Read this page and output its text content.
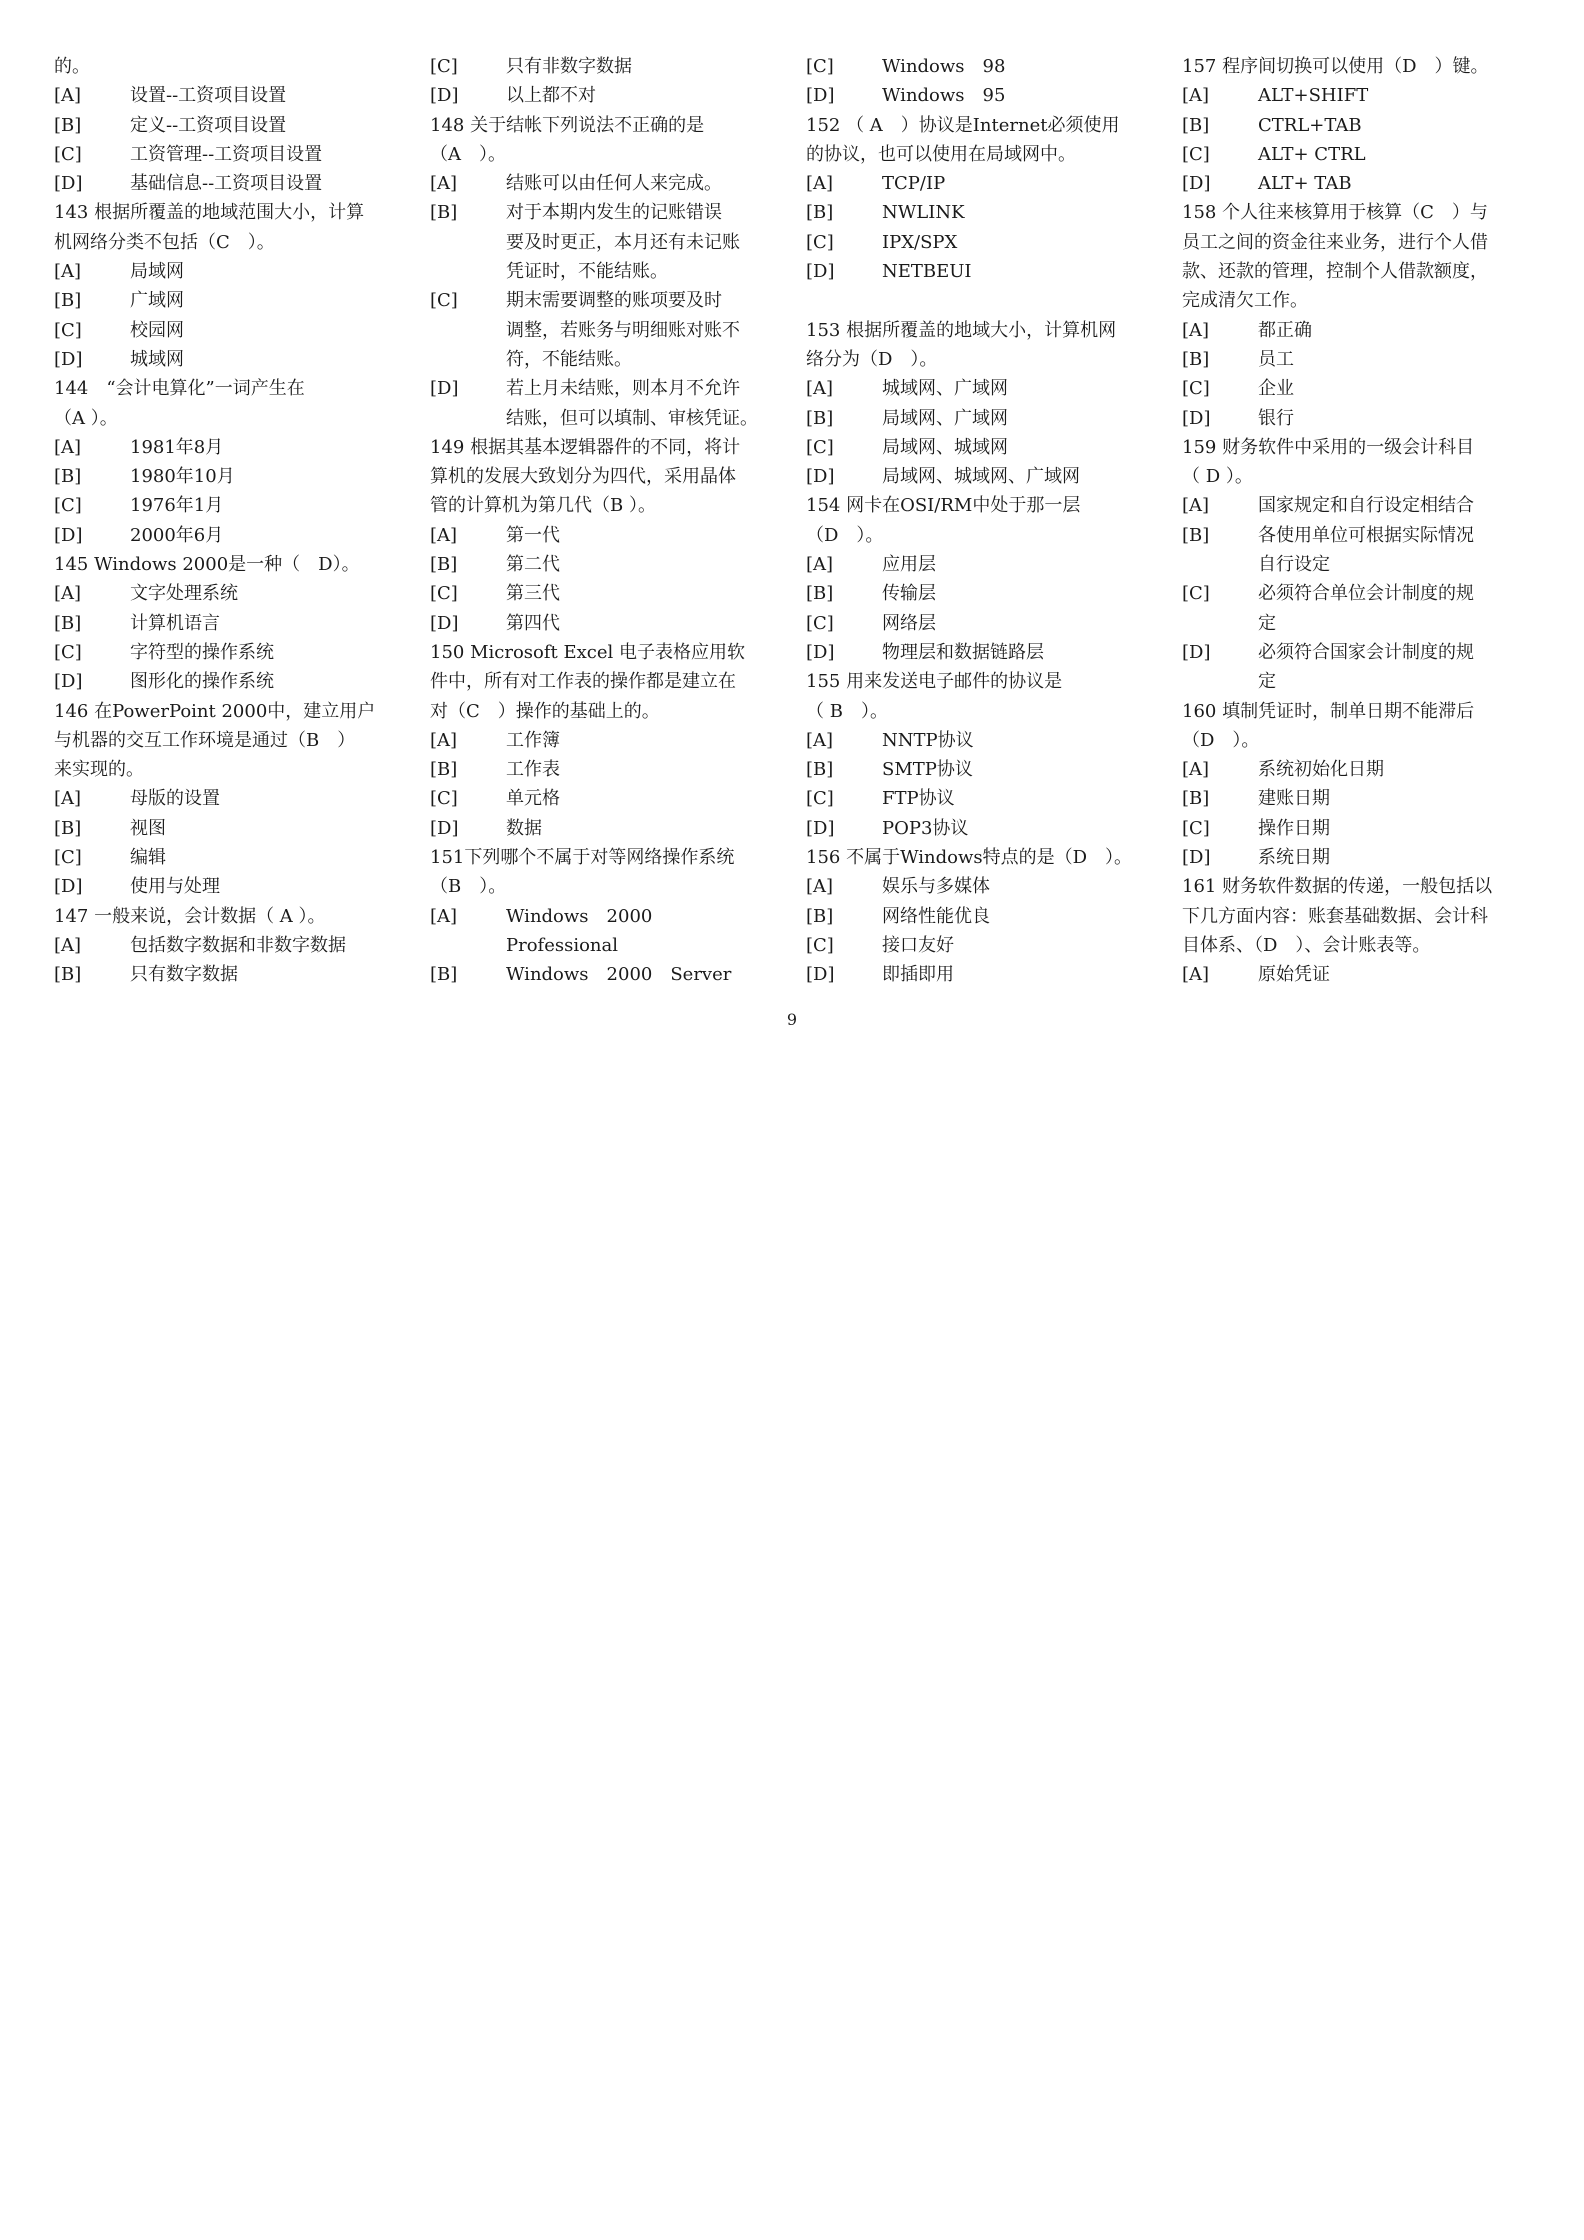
的。
[A]	设置--工资项目设置
[B]	定义--工资项目设置
[C]	工资管理--工资项目设置
[D]	基础信息--工资项目设置
143 根据所覆盖的地域范围大小，计算
机网络分类不包括（C　）。
[A]	局域网
[B]	广域网
[C]	校园网
[D]	城域网
144　“会计电算化”一词产生在
（A ）。
[A]	1981年8月
[B]	1980年10月
[C]	1976年1月
[D]	2000年6月
145 Windows 2000是一种（　D）。
[A]	文字处理系统
[B]	计算机语言
[C]	字符型的操作系统
[D]	图形化的操作系统
146 在PowerPoint 2000中，建立用户
与机器的交互工作环境是通过（B　）
来实现的。
[A]	母版的设置
[B]	视图
[C]	编辑
[D]	使用与处理
147 一般来说，会计数据（ A ）。
[A]	包括数字数据和非数字数据
[B]	只有数字数据
[C]	只有非数字数据
[D]	以上都不对
148 关于结帐下列说法不正确的是
（A　）。
[A]	结账可以由任何人来完成。
[B]	对于本期内发生的记账错误
要及时更正，本月还有未记账
凭证时，不能结账。
[C]	期末需要调整的账项要及时
调整，若账务与明细账对账不
符，不能结账。
[D]	若上月未结账，则本月不允许
结账，但可以填制、审核凭证。
149 根据其基本逻辑器件的不同，将计
算机的发展大致划分为四代，采用晶体
管的计算机为第几代（B ）。
[A]	第一代
[B]	第二代
[C]	第三代
[D]	第四代
150 Microsoft Excel 电子表格应用软
件中，所有对工作表的操作都是建立在
对（C　）操作的基础上的。
[A]	工作簿
[B]	工作表
[C]	单元格
[D]	数据
151下列哪个不属于对等网络操作系统
（B　）。
[A]	Windows　2000
Professional
[B]	Windows　2000　Server
[C]	Windows　98
[D]	Windows　95
152 （ A　）协议是Internet必须使用
的协议，也可以使用在局域网中。
[A]	TCP/IP
[B]	NWLINK
[C]	IPX/SPX
[D]	NETBEUI
153 根据所覆盖的地域大小，计算机网
络分为（D　）。
[A]	城域网、广域网
[B]	局域网、广域网
[C]	局域网、城域网
[D]	局域网、城域网、广域网
154 网卡在OSI/RM中处于那一层
（D　）。
[A]	应用层
[B]	传输层
[C]	网络层
[D]	物理层和数据链路层
155 用来发送电子邮件的协议是
（ B　）。
[A]	NNTP协议
[B]	SMTP协议
[C]	FTP协议
[D]	POP3协议
156 不属于Windows特点的是（D　）。
[A]	娱乐与多媒体
[B]	网络性能优良
[C]	接口友好
[D]	即插即用
157 程序间切换可以使用（D　）键。
[A]	ALT+SHIFT
[B]	CTRL+TAB
[C]	ALT+ CTRL
[D]	ALT+ TAB
158 个人往来核算用于核算（C　）与
员工之间的资金往来业务，进行个人借
款、还款的管理，控制个人借款额度，
完成清欠工作。
[A]	都正确
[B]	员工
[C]	企业
[D]	银行
159 财务软件中采用的一级会计科目
（ D ）。
[A]	国家规定和自行设定相结合
[B]	各使用单位可根据实际情况
自行设定
[C]	必须符合单位会计制度的规
定
[D]	必须符合国家会计制度的规
定
160 填制凭证时，制单日期不能滞后
（D　）。
[A]	系统初始化日期
[B]	建账日期
[C]	操作日期
[D]	系统日期
161 财务软件数据的传递，一般包括以
下几方面内容：账套基础数据、会计科
目体系、（D　）、会计账表等。
[A]	原始凭证
9
